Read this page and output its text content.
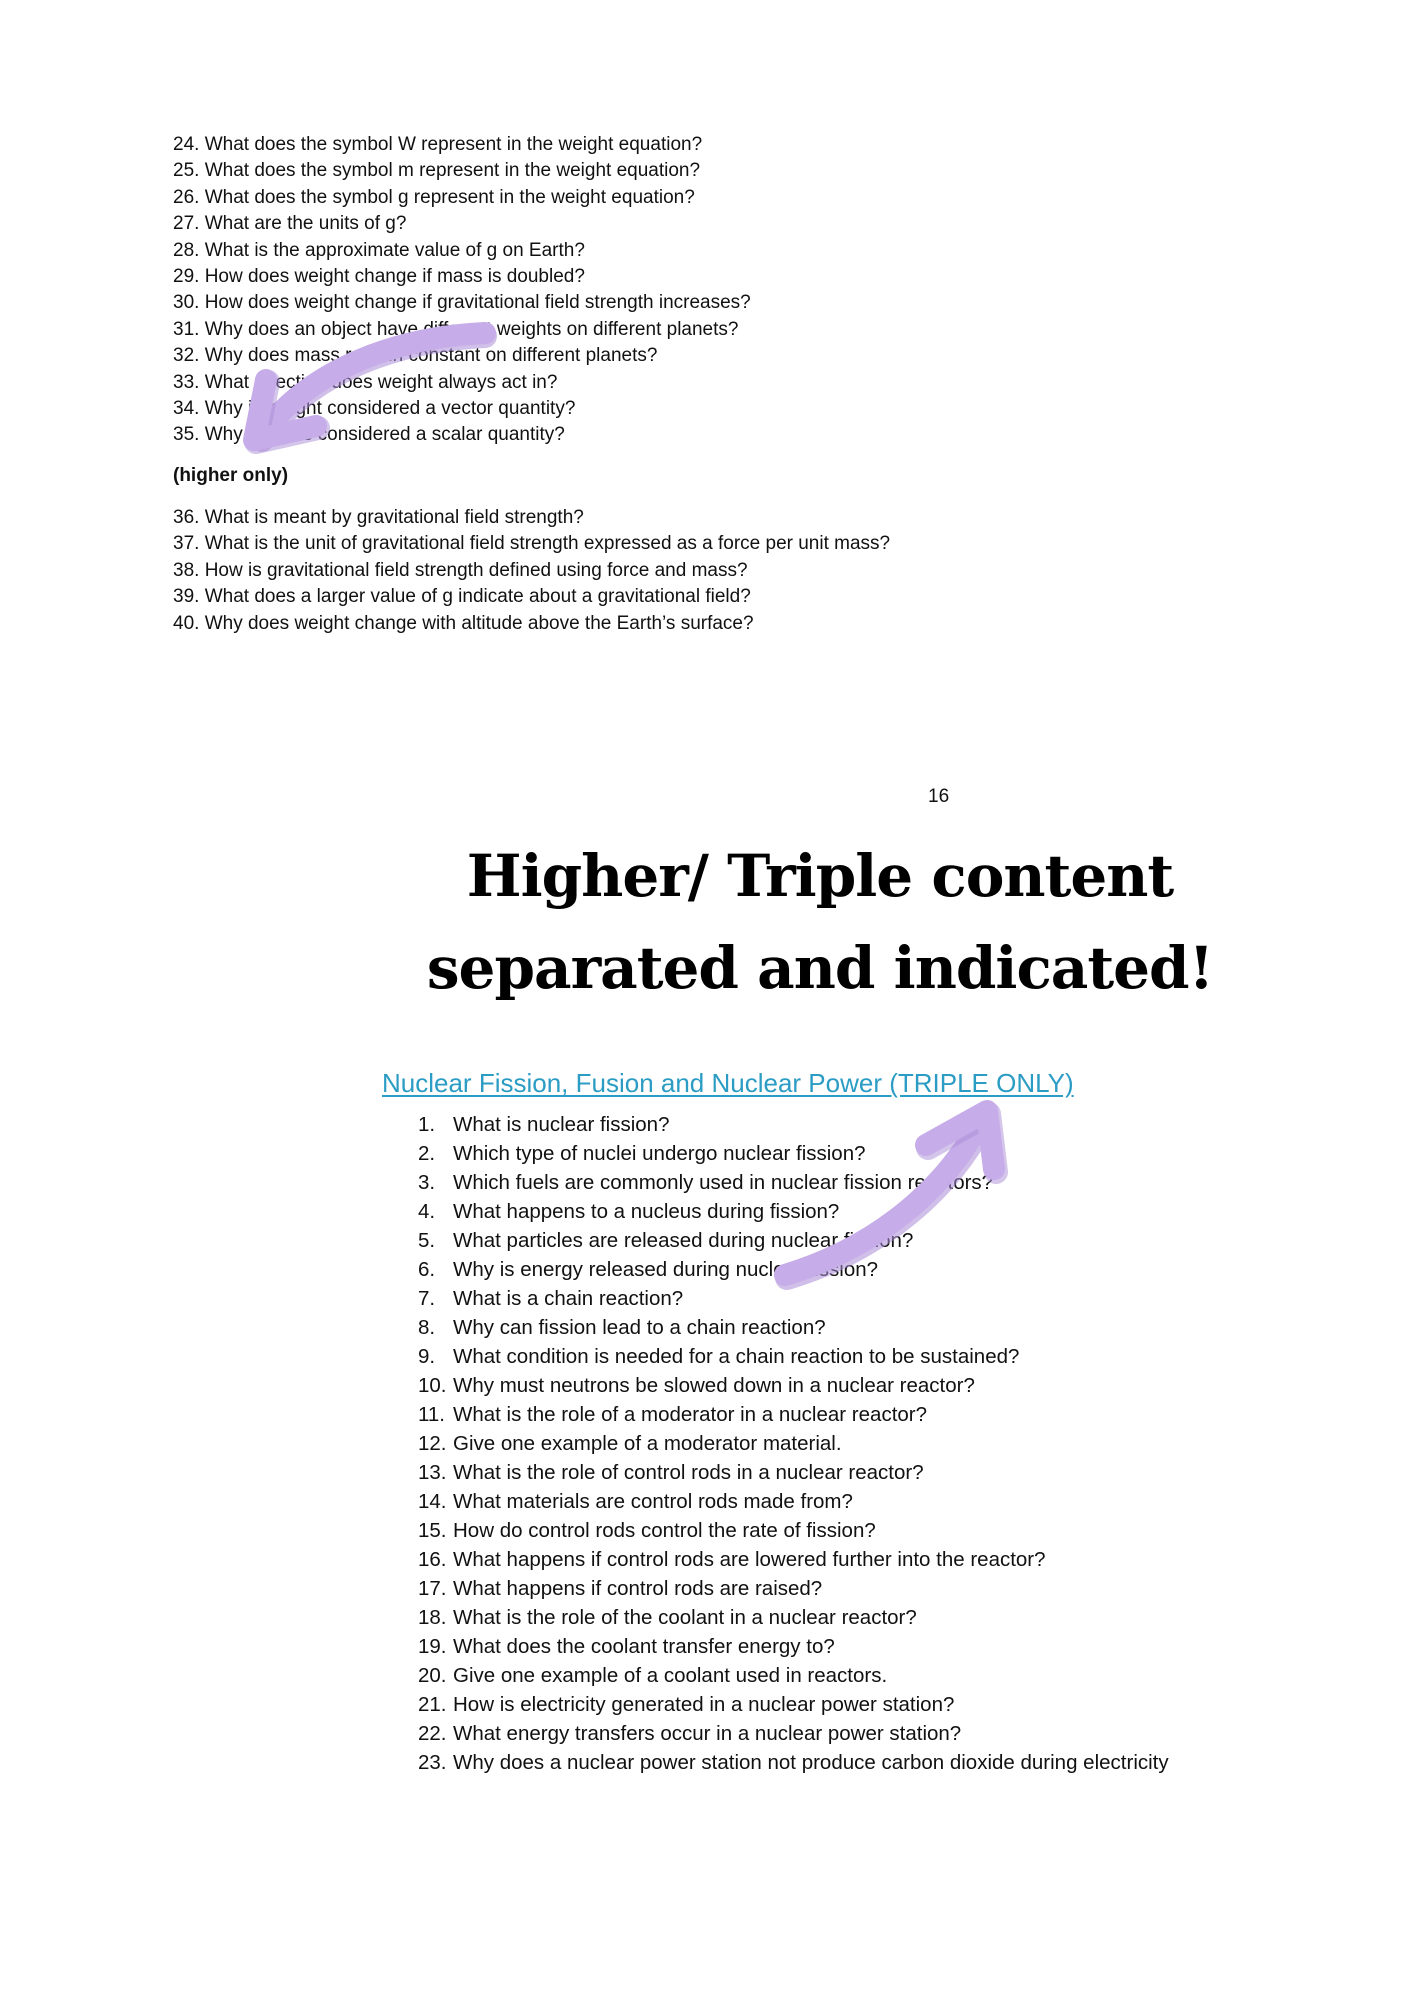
24. What does the symbol W represent in the weight equation?
25. What does the symbol m represent in the weight equation?
26. What does the symbol g represent in the weight equation?
27. What are the units of g?
28. What is the approximate value of g on Earth?
29. How does weight change if mass is doubled?
30. How does weight change if gravitational field strength increases?
31. Why does an object have different weights on different planets?
32. Why does mass remain constant on different planets?
33. What direction does weight always act in?
34. Why is weight considered a vector quantity?
35. Why is mass considered a scalar quantity?
(higher only)
36. What is meant by gravitational field strength?
37. What is the unit of gravitational field strength expressed as a force per unit mass?
38. How is gravitational field strength defined using force and mass?
39. What does a larger value of g indicate about a gravitational field?
40. Why does weight change with altitude above the Earth’s surface?
16
Higher/ Triple content
separated and indicated!
Nuclear Fission, Fusion and Nuclear Power (TRIPLE ONLY)
1. What is nuclear fission?
2. Which type of nuclei undergo nuclear fission?
3. Which fuels are commonly used in nuclear fission reactors?
4. What happens to a nucleus during fission?
5. What particles are released during nuclear fission?
6. Why is energy released during nuclear fission?
7. What is a chain reaction?
8. Why can fission lead to a chain reaction?
9. What condition is needed for a chain reaction to be sustained?
10. Why must neutrons be slowed down in a nuclear reactor?
11. What is the role of a moderator in a nuclear reactor?
12. Give one example of a moderator material.
13. What is the role of control rods in a nuclear reactor?
14. What materials are control rods made from?
15. How do control rods control the rate of fission?
16. What happens if control rods are lowered further into the reactor?
17. What happens if control rods are raised?
18. What is the role of the coolant in a nuclear reactor?
19. What does the coolant transfer energy to?
20. Give one example of a coolant used in reactors.
21. How is electricity generated in a nuclear power station?
22. What energy transfers occur in a nuclear power station?
23. Why does a nuclear power station not produce carbon dioxide during electricity
